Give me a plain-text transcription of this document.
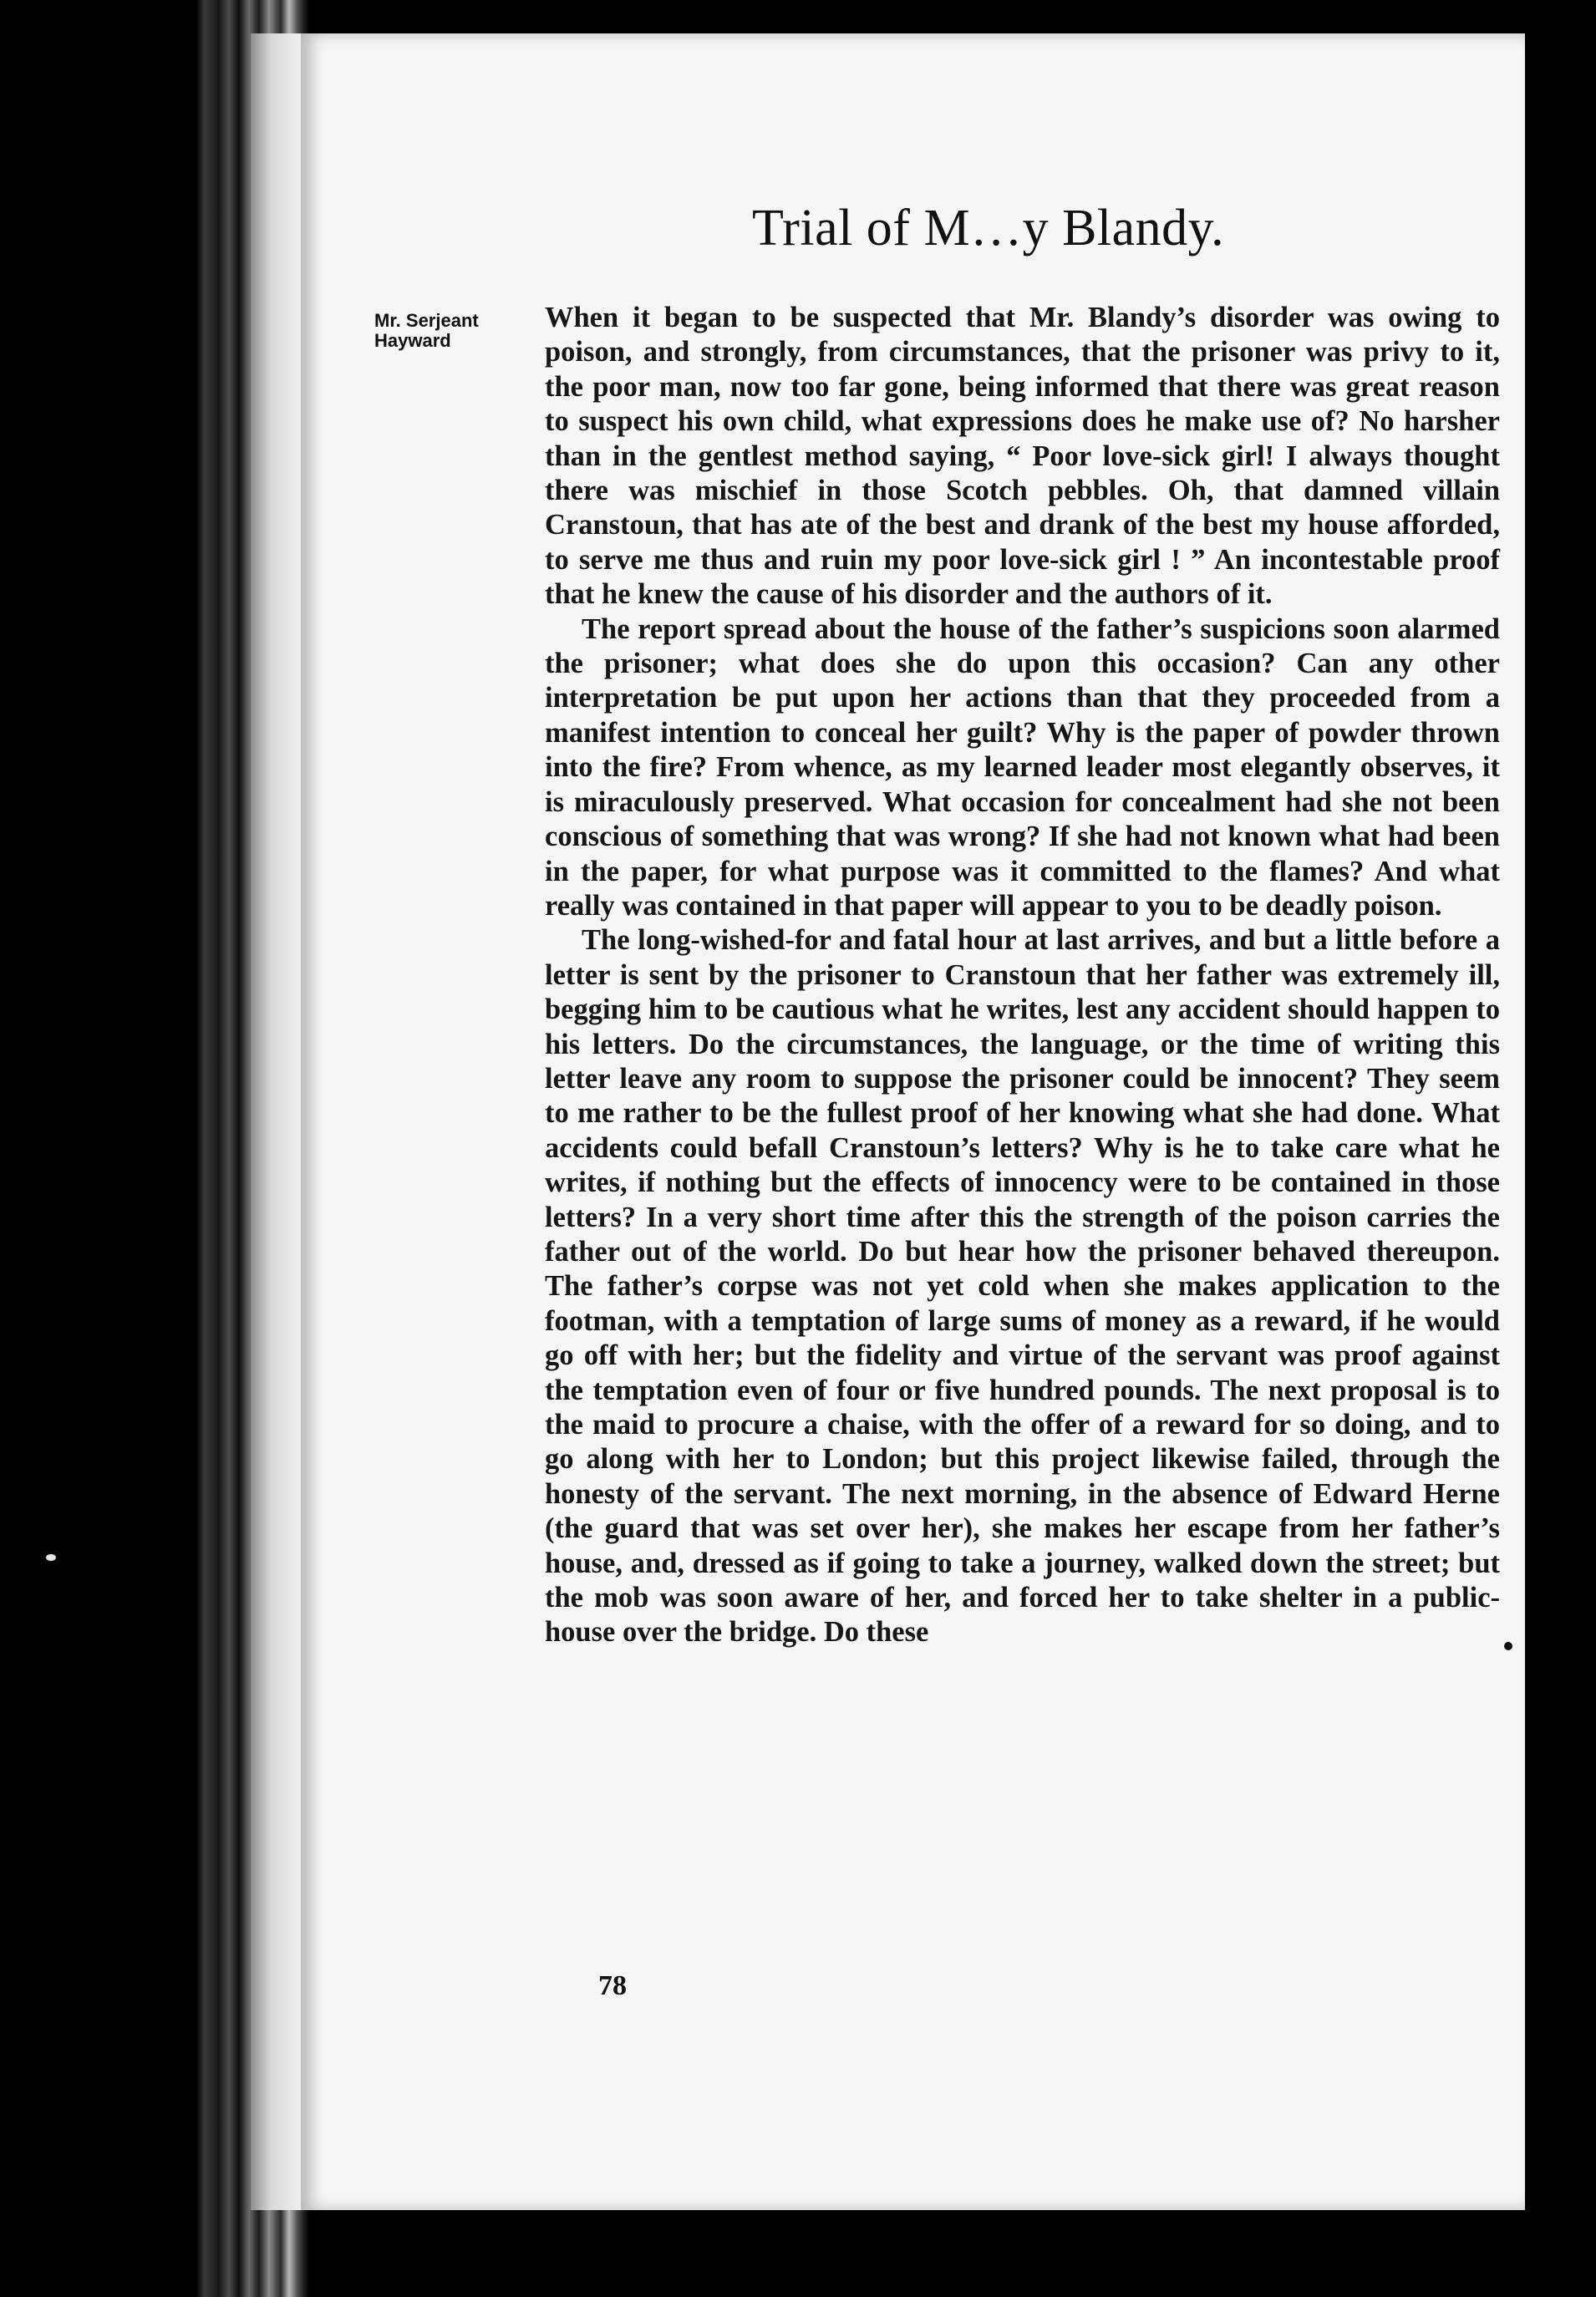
Trial of M…y Blandy.
Mr. Serjeant
Hayward

When it began to be suspected that Mr. Blandy’s disorder was owing to poison, and strongly, from circumstances, that the prisoner was privy to it, the poor man, now too far gone, being informed that there was great reason to suspect his own child, what expressions does he make use of? No harsher than in the gentlest method saying, “ Poor love-sick girl! I always thought there was mischief in those Scotch pebbles. Oh, that damned villain Cranstoun, that has ate of the best and drank of the best my house afforded, to serve me thus and ruin my poor love-sick girl ! ” An incontestable proof that he knew the cause of his disorder and the authors of it.

The report spread about the house of the father’s suspicions soon alarmed the prisoner; what does she do upon this occasion? Can any other interpretation be put upon her actions than that they proceeded from a manifest intention to conceal her guilt? Why is the paper of powder thrown into the fire? From whence, as my learned leader most elegantly observes, it is miraculously preserved. What occasion for concealment had she not been conscious of something that was wrong? If she had not known what had been in the paper, for what purpose was it committed to the flames? And what really was contained in that paper will appear to you to be deadly poison.

The long-wished-for and fatal hour at last arrives, and but a little before a letter is sent by the prisoner to Cranstoun that her father was extremely ill, begging him to be cautious what he writes, lest any accident should happen to his letters. Do the circumstances, the language, or the time of writing this letter leave any room to suppose the prisoner could be innocent? They seem to me rather to be the fullest proof of her knowing what she had done. What accidents could befall Cranstoun’s letters? Why is he to take care what he writes, if nothing but the effects of innocency were to be contained in those letters? In a very short time after this the strength of the poison carries the father out of the world. Do but hear how the prisoner behaved thereupon. The father’s corpse was not yet cold when she makes application to the footman, with a temptation of large sums of money as a reward, if he would go off with her; but the fidelity and virtue of the servant was proof against the temptation even of four or five hundred pounds. The next proposal is to the maid to procure a chaise, with the offer of a reward for so doing, and to go along with her to London; but this project likewise failed, through the honesty of the servant. The next morning, in the absence of Edward Herne (the guard that was set over her), she makes her escape from her father’s house, and, dressed as if going to take a journey, walked down the street; but the mob was soon aware of her, and forced her to take shelter in a public-house over the bridge. Do these

78
